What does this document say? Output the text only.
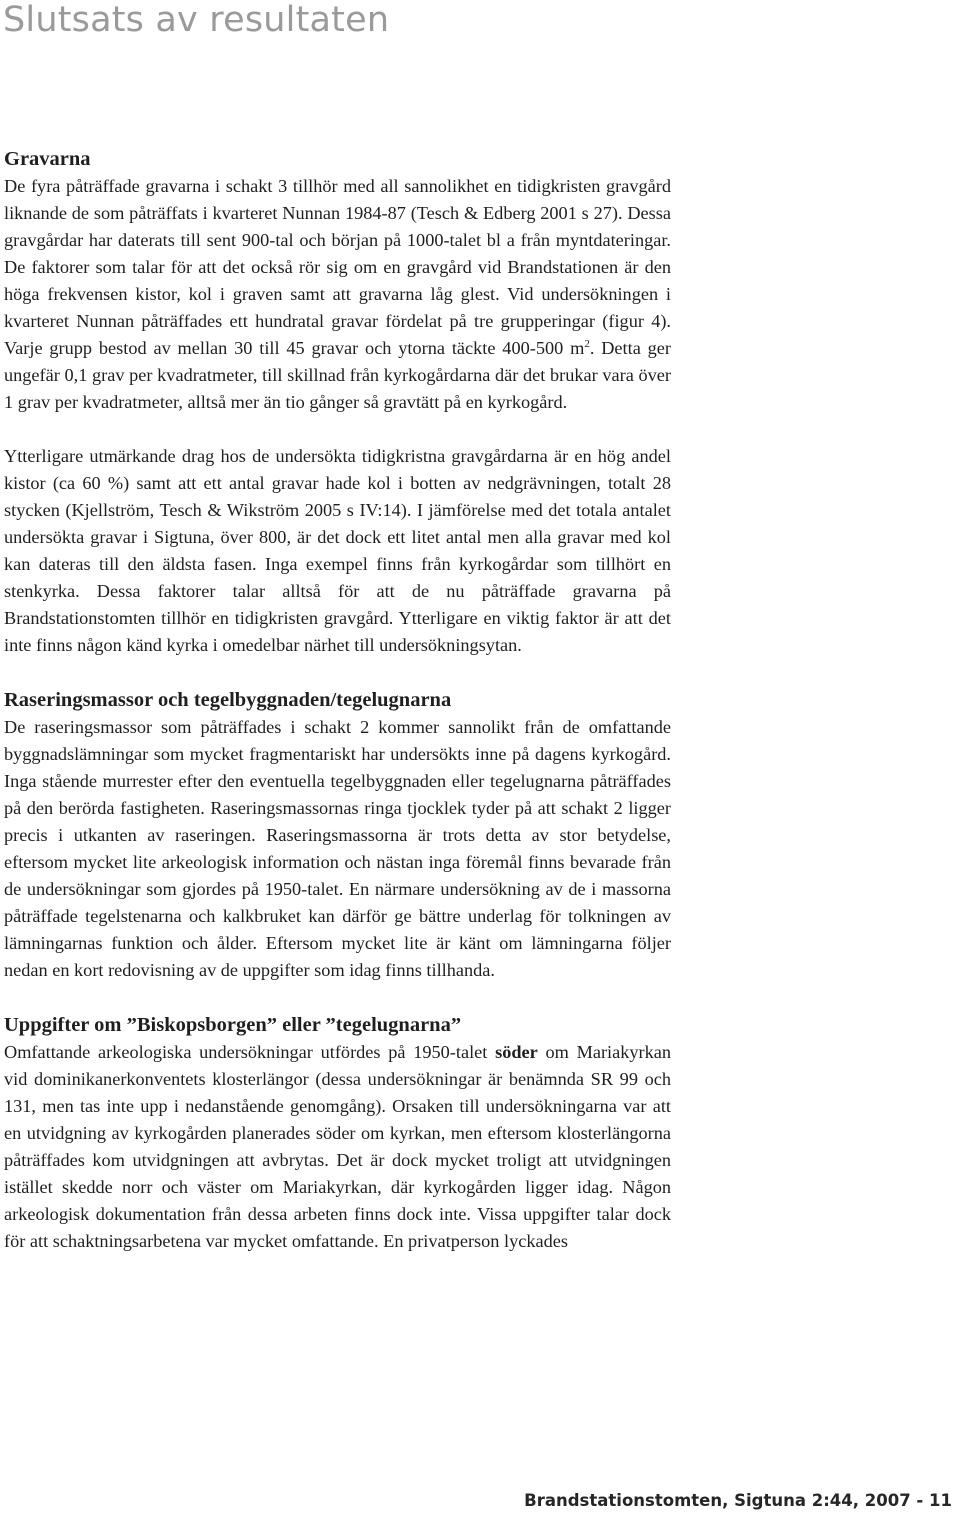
Slutsats av resultaten
Gravarna

De fyra påträffade gravarna i schakt 3 tillhör med all sannolikhet en tidigkristen gravgård liknande de som påträffats i kvarteret Nunnan 1984-87 (Tesch & Edberg 2001 s 27). Dessa gravgårdar har daterats till sent 900-tal och början på 1000-talet bl a från myntdateringar. De faktorer som talar för att det också rör sig om en gravgård vid Brandstationen är den höga frekvensen kistor, kol i graven samt att gravarna låg glest. Vid undersökningen i kvarteret Nunnan påträffades ett hundratal gravar fördelat på tre grupperingar (figur 4). Varje grupp bestod av mellan 30 till 45 gravar och ytorna täckte 400-500 $m^2$. Detta ger ungefär 0,1 grav per kvadratmeter, till skillnad från kyrkogårdarna där det brukar vara över 1 grav per kvadratmeter, alltså mer än tio gånger så gravtätt på en kyrkogård.

Ytterligare utmärkande drag hos de undersökta tidigkristna gravgårdarna är en hög andel kistor (ca 60 %) samt att ett antal gravar hade kol i botten av nedgrävningen, totalt 28 stycken (Kjellström, Tesch & Wikström 2005 s IV:14). I jämförelse med det totala antalet undersökta gravar i Sigtuna, över 800, är det dock ett litet antal men alla gravar med kol kan dateras till den äldsta fasen. Inga exempel finns från kyrkogårdar som tillhört en stenkyrka. Dessa faktorer talar alltså för att de nu påträffade gravarna på Brandstationstomten tillhör en tidigkristen gravgård. Ytterligare en viktig faktor är att det inte finns någon känd kyrka i omedelbar närhet till undersökningsytan.

Raseringsmassor och tegelbyggnaden/tegelugnarna

De raseringsmassor som påträffades i schakt 2 kommer sannolikt från de omfattande byggnadslämningar som mycket fragmentariskt har undersökts inne på dagens kyrkogård. Inga stående murrester efter den eventuella tegelbyggnaden eller tegelugnarna påträffades på den berörda fastigheten. Raseringsmassornas ringa tjocklek tyder på att schakt 2 ligger precis i utkanten av raseringen. Raseringsmassorna är trots detta av stor betydelse, eftersom mycket lite arkeologisk information och nästan inga föremål finns bevarade från de undersökningar som gjordes på 1950-talet. En närmare undersökning av de i massorna påträffade tegelstenarna och kalkbruket kan därför ge bättre underlag för tolkningen av lämningarnas funktion och ålder. Eftersom mycket lite är känt om lämningarna följer nedan en kort redovisning av de uppgifter som idag finns tillhanda.

Uppgifter om ”Biskopsborgen” eller ”tegelugnarna”

Omfattande arkeologiska undersökningar utfördes på 1950-talet söder om Mariakyrkan vid dominikanerkonventets klosterlängor (dessa undersökningar är benämnda SR 99 och 131, men tas inte upp i nedanstående genomgång). Orsaken till undersökningarna var att en utvidgning av kyrkogården planerades söder om kyrkan, men eftersom klosterlängorna påträffades kom utvidgningen att avbrytas. Det är dock mycket troligt att utvidgningen istället skedde norr och väster om Mariakyrkan, där kyrkogården ligger idag. Någon arkeologisk dokumentation från dessa arbeten finns dock inte. Vissa uppgifter talar dock för att schaktningsarbetena var mycket omfattande. En privatperson lyckades

Brandstationstomten, Sigtuna 2:44, 2007 - 11
